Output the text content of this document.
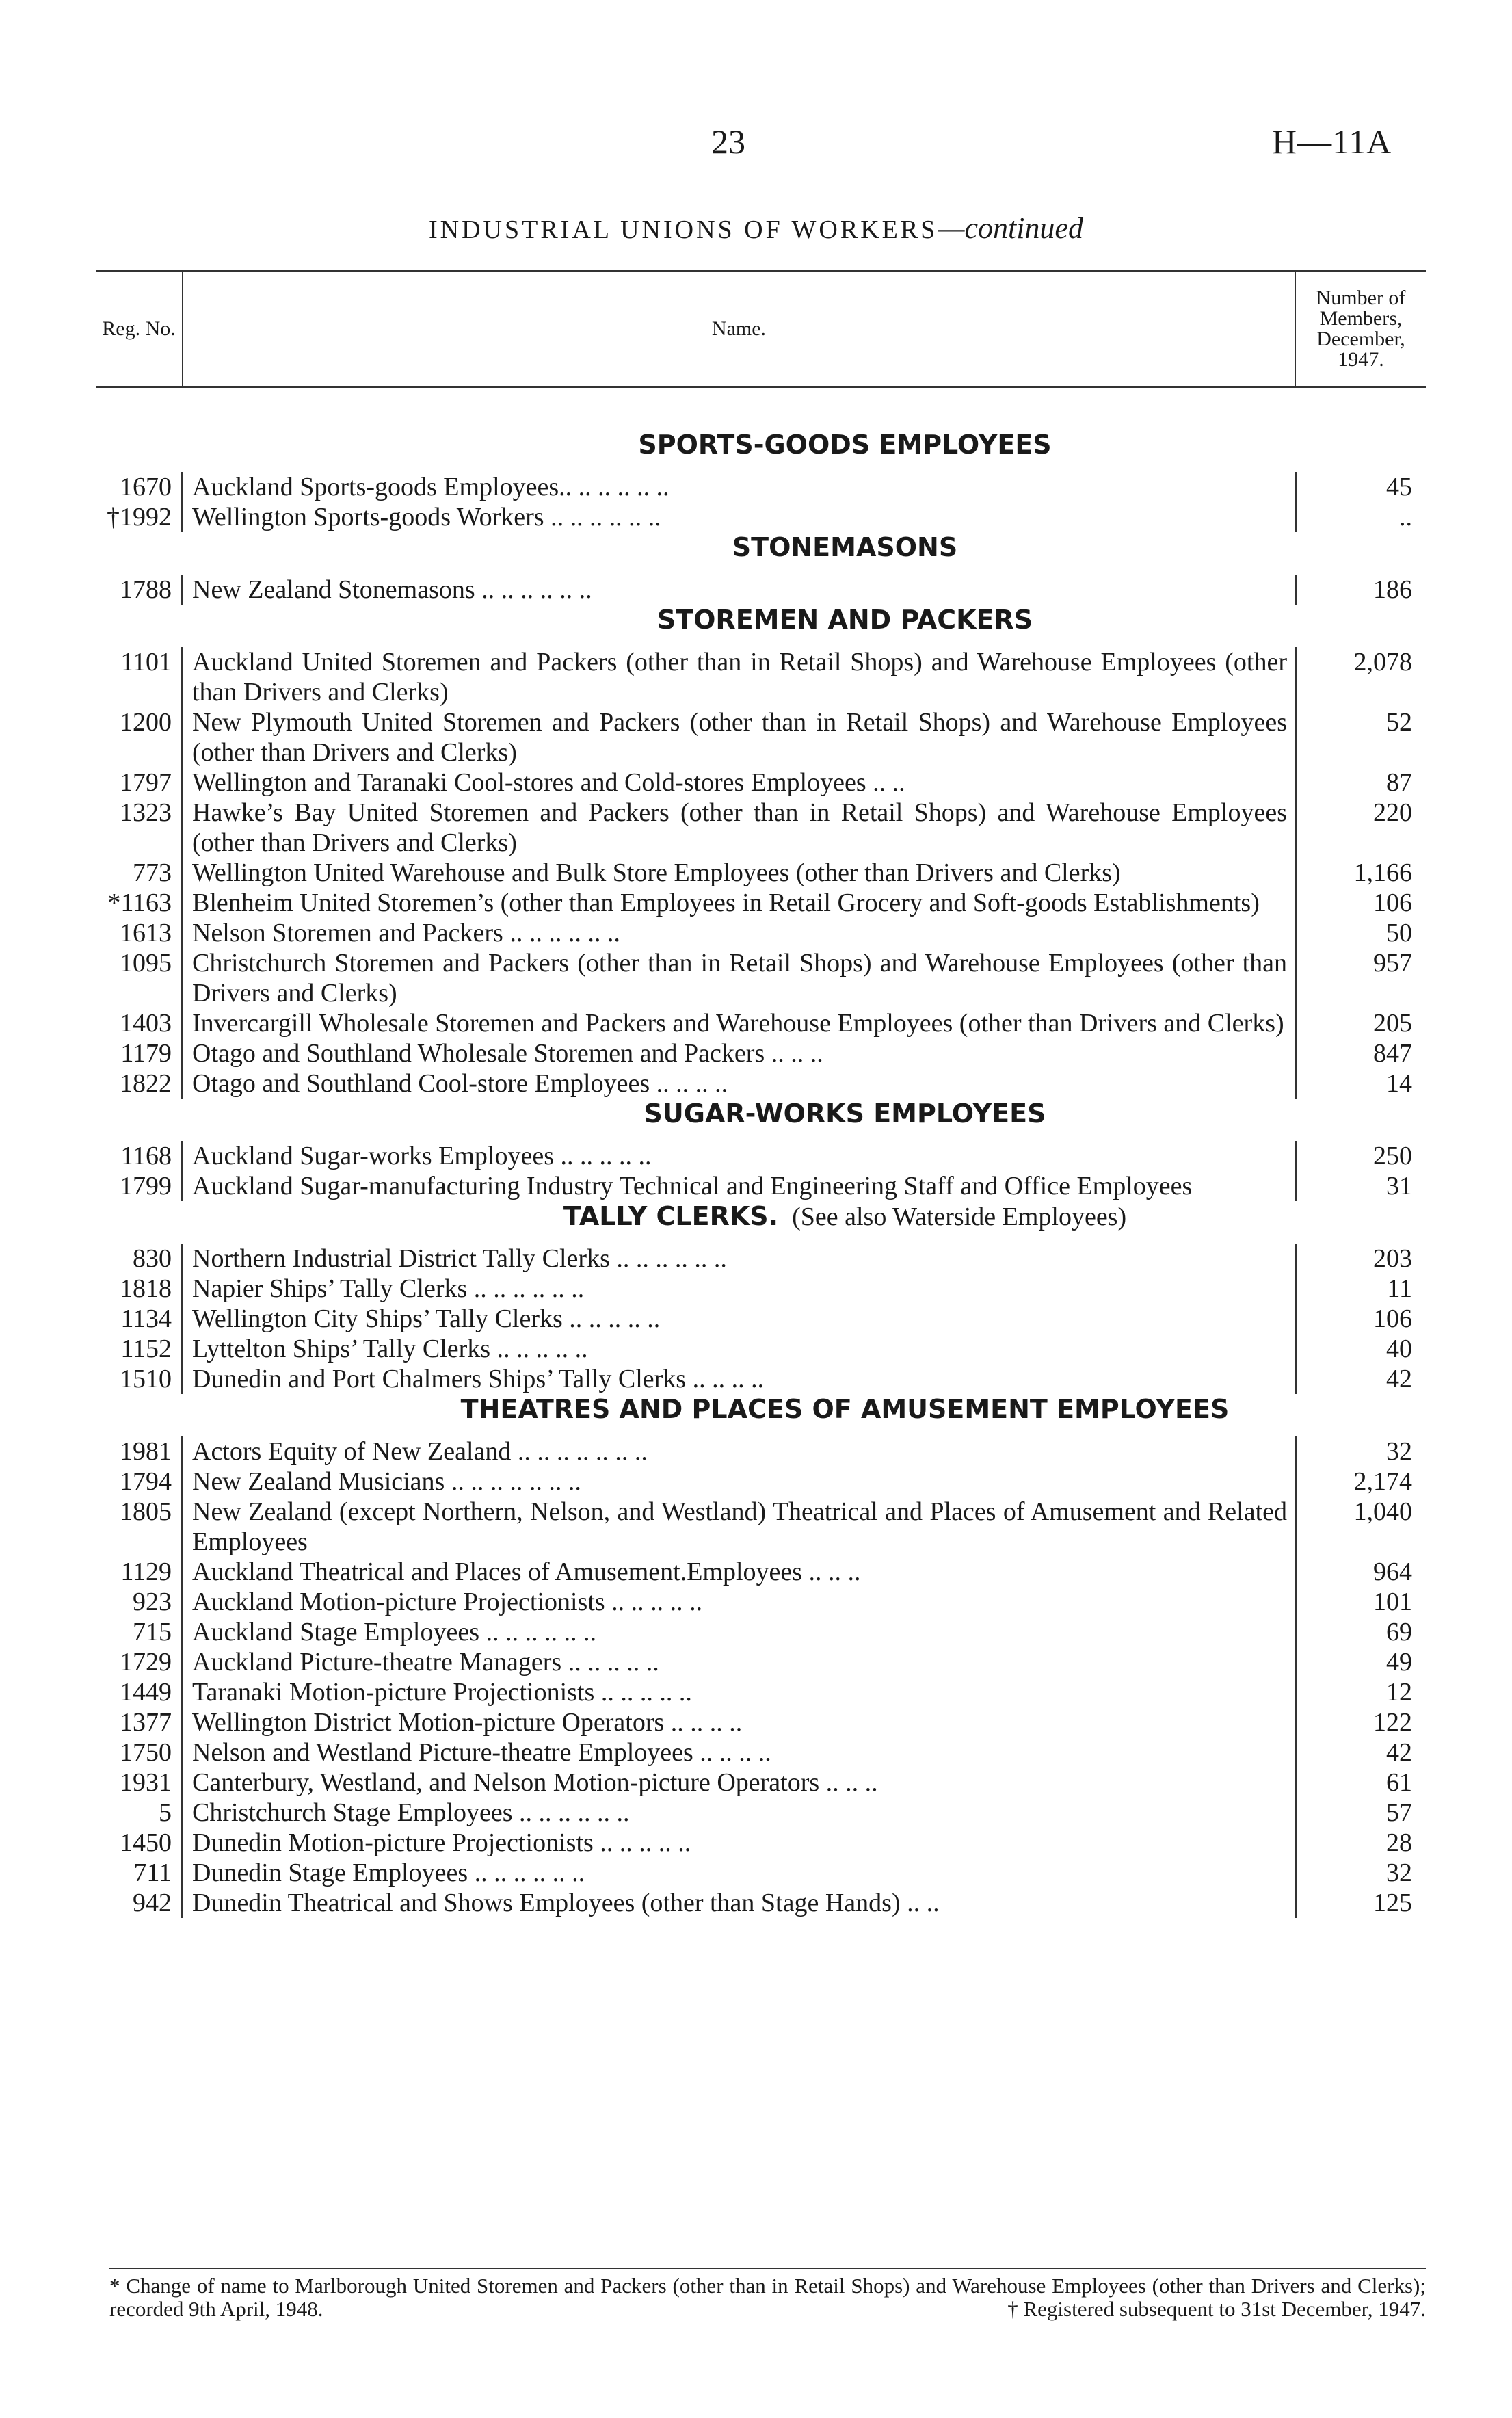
23	H—11A
INDUSTRIAL UNIONS OF WORKERS—continued
Reg. No.	Name.	Number of Members, December, 1947.
	SPORTS-GOODS EMPLOYEES	
1670	Auckland Sports-goods Employees.. .. .. .. .. ..	45
†1992	Wellington Sports-goods Workers .. .. .. .. .. ..	..
	STONEMASONS	
1788	New Zealand Stonemasons .. .. .. .. .. ..	186
	STOREMEN AND PACKERS	
1101	Auckland United Storemen and Packers (other than in Retail Shops) and Warehouse Employees (other than Drivers and Clerks)	2,078
1200	New Plymouth United Storemen and Packers (other than in Retail Shops) and Warehouse Employees (other than Drivers and Clerks)	52
1797	Wellington and Taranaki Cool-stores and Cold-stores Employees .. ..	87
1323	Hawke’s Bay United Storemen and Packers (other than in Retail Shops) and Warehouse Employees (other than Drivers and Clerks)	220
773	Wellington United Warehouse and Bulk Store Employees (other than Drivers and Clerks)	1,166
*1163	Blenheim United Storemen’s (other than Employees in Retail Grocery and Soft-goods Establishments)	106
1613	Nelson Storemen and Packers .. .. .. .. .. ..	50
1095	Christchurch Storemen and Packers (other than in Retail Shops) and Warehouse Employees (other than Drivers and Clerks)	957
1403	Invercargill Wholesale Storemen and Packers and Warehouse Employees (other than Drivers and Clerks)	205
1179	Otago and Southland Wholesale Storemen and Packers .. .. ..	847
1822	Otago and Southland Cool-store Employees .. .. .. ..	14
	SUGAR-WORKS EMPLOYEES	
1168	Auckland Sugar-works Employees .. .. .. .. ..	250
1799	Auckland Sugar-manufacturing Industry Technical and Engineering Staff and Office Employees	31
	TALLY CLERKS. (See also Waterside Employees)	
830	Northern Industrial District Tally Clerks .. .. .. .. .. ..	203
1818	Napier Ships’ Tally Clerks .. .. .. .. .. ..	11
1134	Wellington City Ships’ Tally Clerks .. .. .. .. ..	106
1152	Lyttelton Ships’ Tally Clerks .. .. .. .. ..	40
1510	Dunedin and Port Chalmers Ships’ Tally Clerks .. .. .. ..	42
	THEATRES AND PLACES OF AMUSEMENT EMPLOYEES	
1981	Actors Equity of New Zealand .. .. .. .. .. .. ..	32
1794	New Zealand Musicians .. .. .. .. .. .. ..	2,174
1805	New Zealand (except Northern, Nelson, and Westland) Theatrical and Places of Amusement and Related Employees	1,040
1129	Auckland Theatrical and Places of Amusement.Employees .. .. ..	964
923	Auckland Motion-picture Projectionists .. .. .. .. ..	101
715	Auckland Stage Employees .. .. .. .. .. ..	69
1729	Auckland Picture-theatre Managers .. .. .. .. ..	49
1449	Taranaki Motion-picture Projectionists .. .. .. .. ..	12
1377	Wellington District Motion-picture Operators .. .. .. ..	122
1750	Nelson and Westland Picture-theatre Employees .. .. .. ..	42
1931	Canterbury, Westland, and Nelson Motion-picture Operators .. .. ..	61
5	Christchurch Stage Employees .. .. .. .. .. ..	57
1450	Dunedin Motion-picture Projectionists .. .. .. .. ..	28
711	Dunedin Stage Employees .. .. .. .. .. ..	32
942	Dunedin Theatrical and Shows Employees (other than Stage Hands) .. ..	125
* Change of name to Marlborough United Storemen and Packers (other than in Retail Shops) and Warehouse Employees (other than Drivers and Clerks); recorded 9th April, 1948.	† Registered subsequent to 31st December, 1947.
